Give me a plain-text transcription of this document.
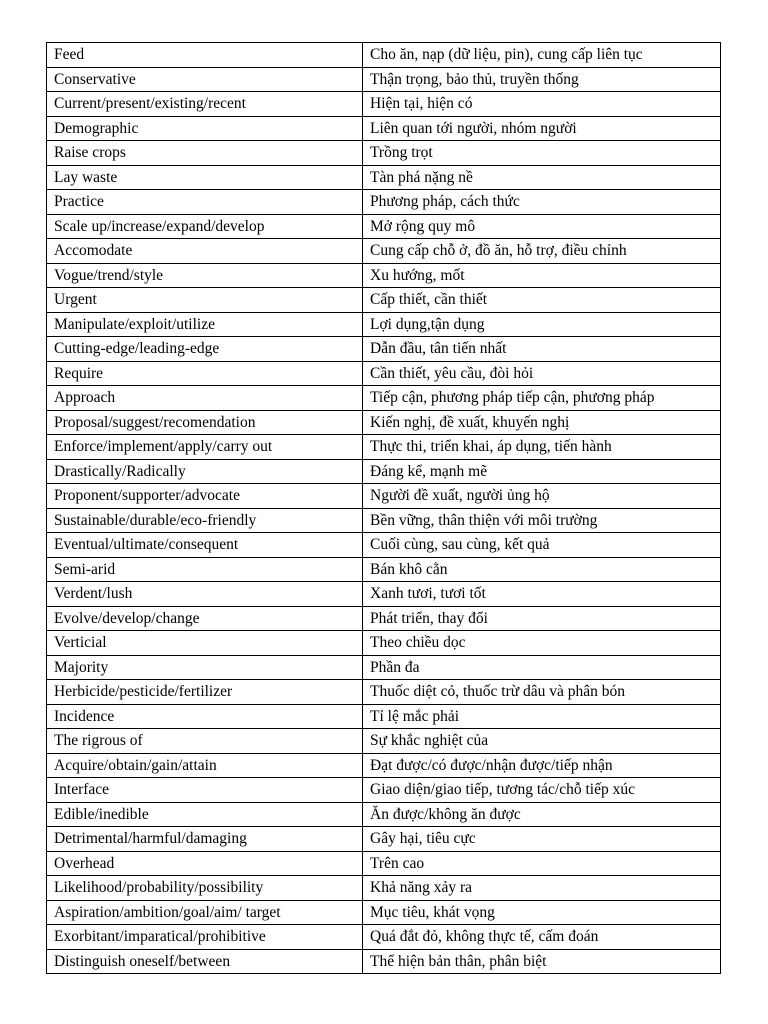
Feed	Cho ăn, nạp (dữ liệu, pin), cung cấp liên tục
Conservative	Thận trọng, bảo thủ, truyền thống
Current/present/existing/recent	Hiện tại, hiện có
Demographic	Liên quan tới người, nhóm người
Raise crops	Trồng trọt
Lay waste	Tàn phá nặng nề
Practice	Phương pháp, cách thức
Scale up/increase/expand/develop	Mở rộng quy mô
Accomodate	Cung cấp chỗ ở, đồ ăn, hỗ trợ, điều chỉnh
Vogue/trend/style	Xu hướng, mốt
Urgent	Cấp thiết, cần thiết
Manipulate/exploit/utilize	Lợi dụng,tận dụng
Cutting-edge/leading-edge	Dẫn đầu, tân tiến nhất
Require	Cần thiết, yêu cầu, đòi hỏi
Approach	Tiếp cận, phương pháp tiếp cận, phương pháp
Proposal/suggest/recomendation	Kiến nghị, đề xuất, khuyến nghị
Enforce/implement/apply/carry out	Thực thi, triển khai, áp dụng, tiến hành
Drastically/Radically	Đáng kể, mạnh mẽ
Proponent/supporter/advocate	Người đề xuất, người ủng hộ
Sustainable/durable/eco-friendly	Bền vững, thân thiện với môi trường
Eventual/ultimate/consequent	Cuối cùng, sau cùng, kết quả
Semi-arid	Bán khô cằn
Verdent/lush	Xanh tươi, tươi tốt
Evolve/develop/change	Phát triển, thay đổi
Verticial	Theo chiều dọc
Majority	Phần đa
Herbicide/pesticide/fertilizer	Thuốc diệt cỏ, thuốc trừ dâu và phân bón
Incidence	Tỉ lệ mắc phải
The rigrous of	Sự khắc nghiệt của
Acquire/obtain/gain/attain	Đạt được/có được/nhận được/tiếp nhận
Interface	Giao diện/giao tiếp, tương tác/chỗ tiếp xúc
Edible/inedible	Ăn được/không ăn được
Detrimental/harmful/damaging	Gây hại, tiêu cực
Overhead	Trên cao
Likelihood/probability/possibility	Khả năng xảy ra
Aspiration/ambition/goal/aim/ target	Mục tiêu, khát vọng
Exorbitant/imparatical/prohibitive	Quá đắt đỏ, không thực tế, cấm đoán
Distinguish oneself/between	Thể hiện bản thân, phân biệt
